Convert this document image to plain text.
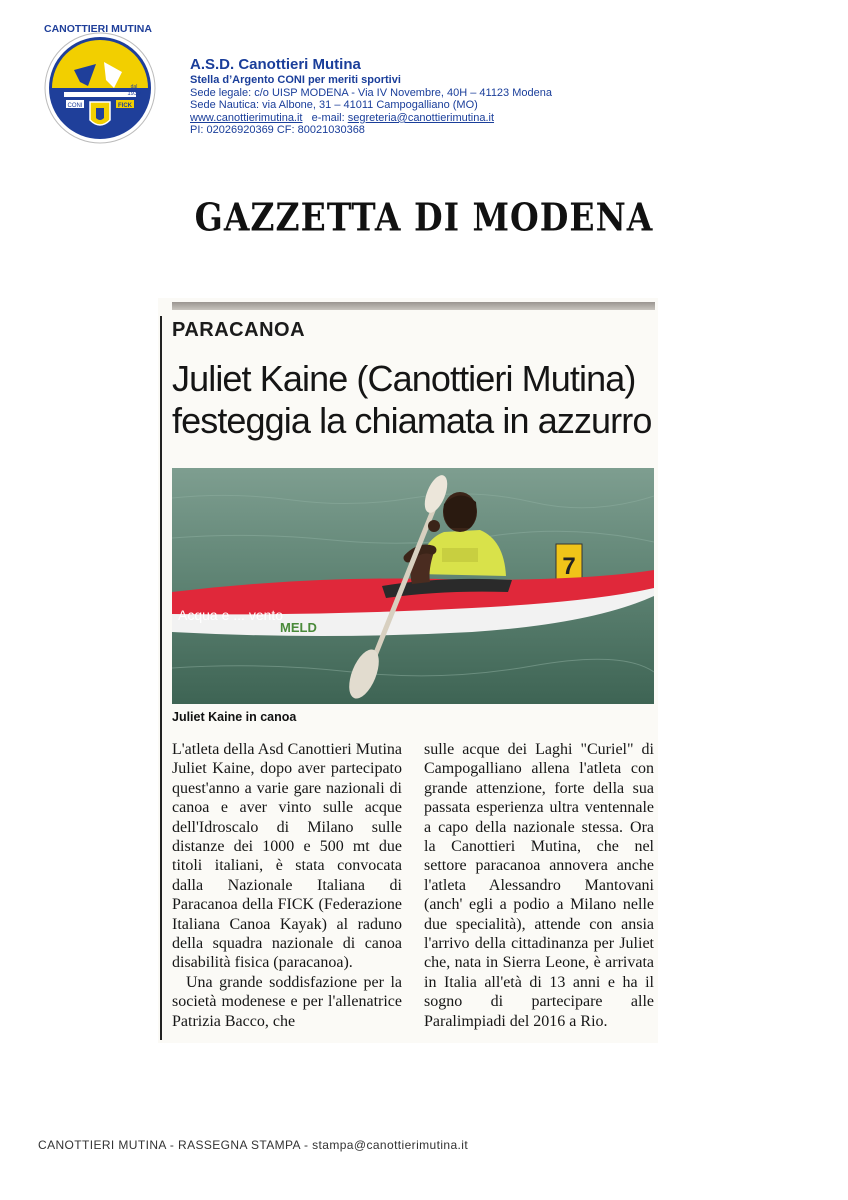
CANOTTIERI MUTINA
CONI	FICK
dal
1930
A.S.D. Canottieri Mutina
Stella d’Argento CONI per meriti sportivi
Sede legale: c/o UISP MODENA - Via IV Novembre, 40H – 41123 Modena
Sede Nautica: via Albone, 31 – 41011 Campogalliano (MO)
www.canottierimutina.it   e-mail: segreteria@canottierimutina.it
PI: 02026920369 CF: 80021030368
GAZZETTA DI MODENA
PARACANOA
Juliet Kaine (Canottieri Mutina)
festeggia la chiamata in azzurro
7
Acqua e ... vento
MELD
Juliet Kaine in canoa

L'atleta della Asd Canottieri Mutina Juliet Kaine, dopo aver partecipato quest'anno a varie gare nazionali di canoa e aver vinto sulle acque dell'Idroscalo di Milano sulle distanze dei 1000 e 500 mt due titoli italiani, è stata convocata dalla Nazionale Italiana di Paracanoa della FICK (Federazione Italiana Canoa Kayak) al raduno della squadra nazionale di canoa disabilità fisica (paracanoa).

Una grande soddisfazione per la società modenese e per l'allenatrice Patrizia Bacco, che

sulle acque dei Laghi "Curiel" di Campogalliano allena l'atleta con grande attenzione, forte della sua passata esperienza ultra ventennale a capo della nazionale stessa. Ora la Canottieri Mutina, che nel settore paracanoa annovera anche l'atleta Alessandro Mantovani (anch' egli a podio a Milano nelle due specialità), attende con ansia l'arrivo della cittadinanza per Juliet che, nata in Sierra Leone, è arrivata in Italia all'età di 13 anni e ha il sogno di partecipare alle Paralimpiadi del 2016 a Rio.

CANOTTIERI MUTINA - RASSEGNA STAMPA - stampa@canottierimutina.it
